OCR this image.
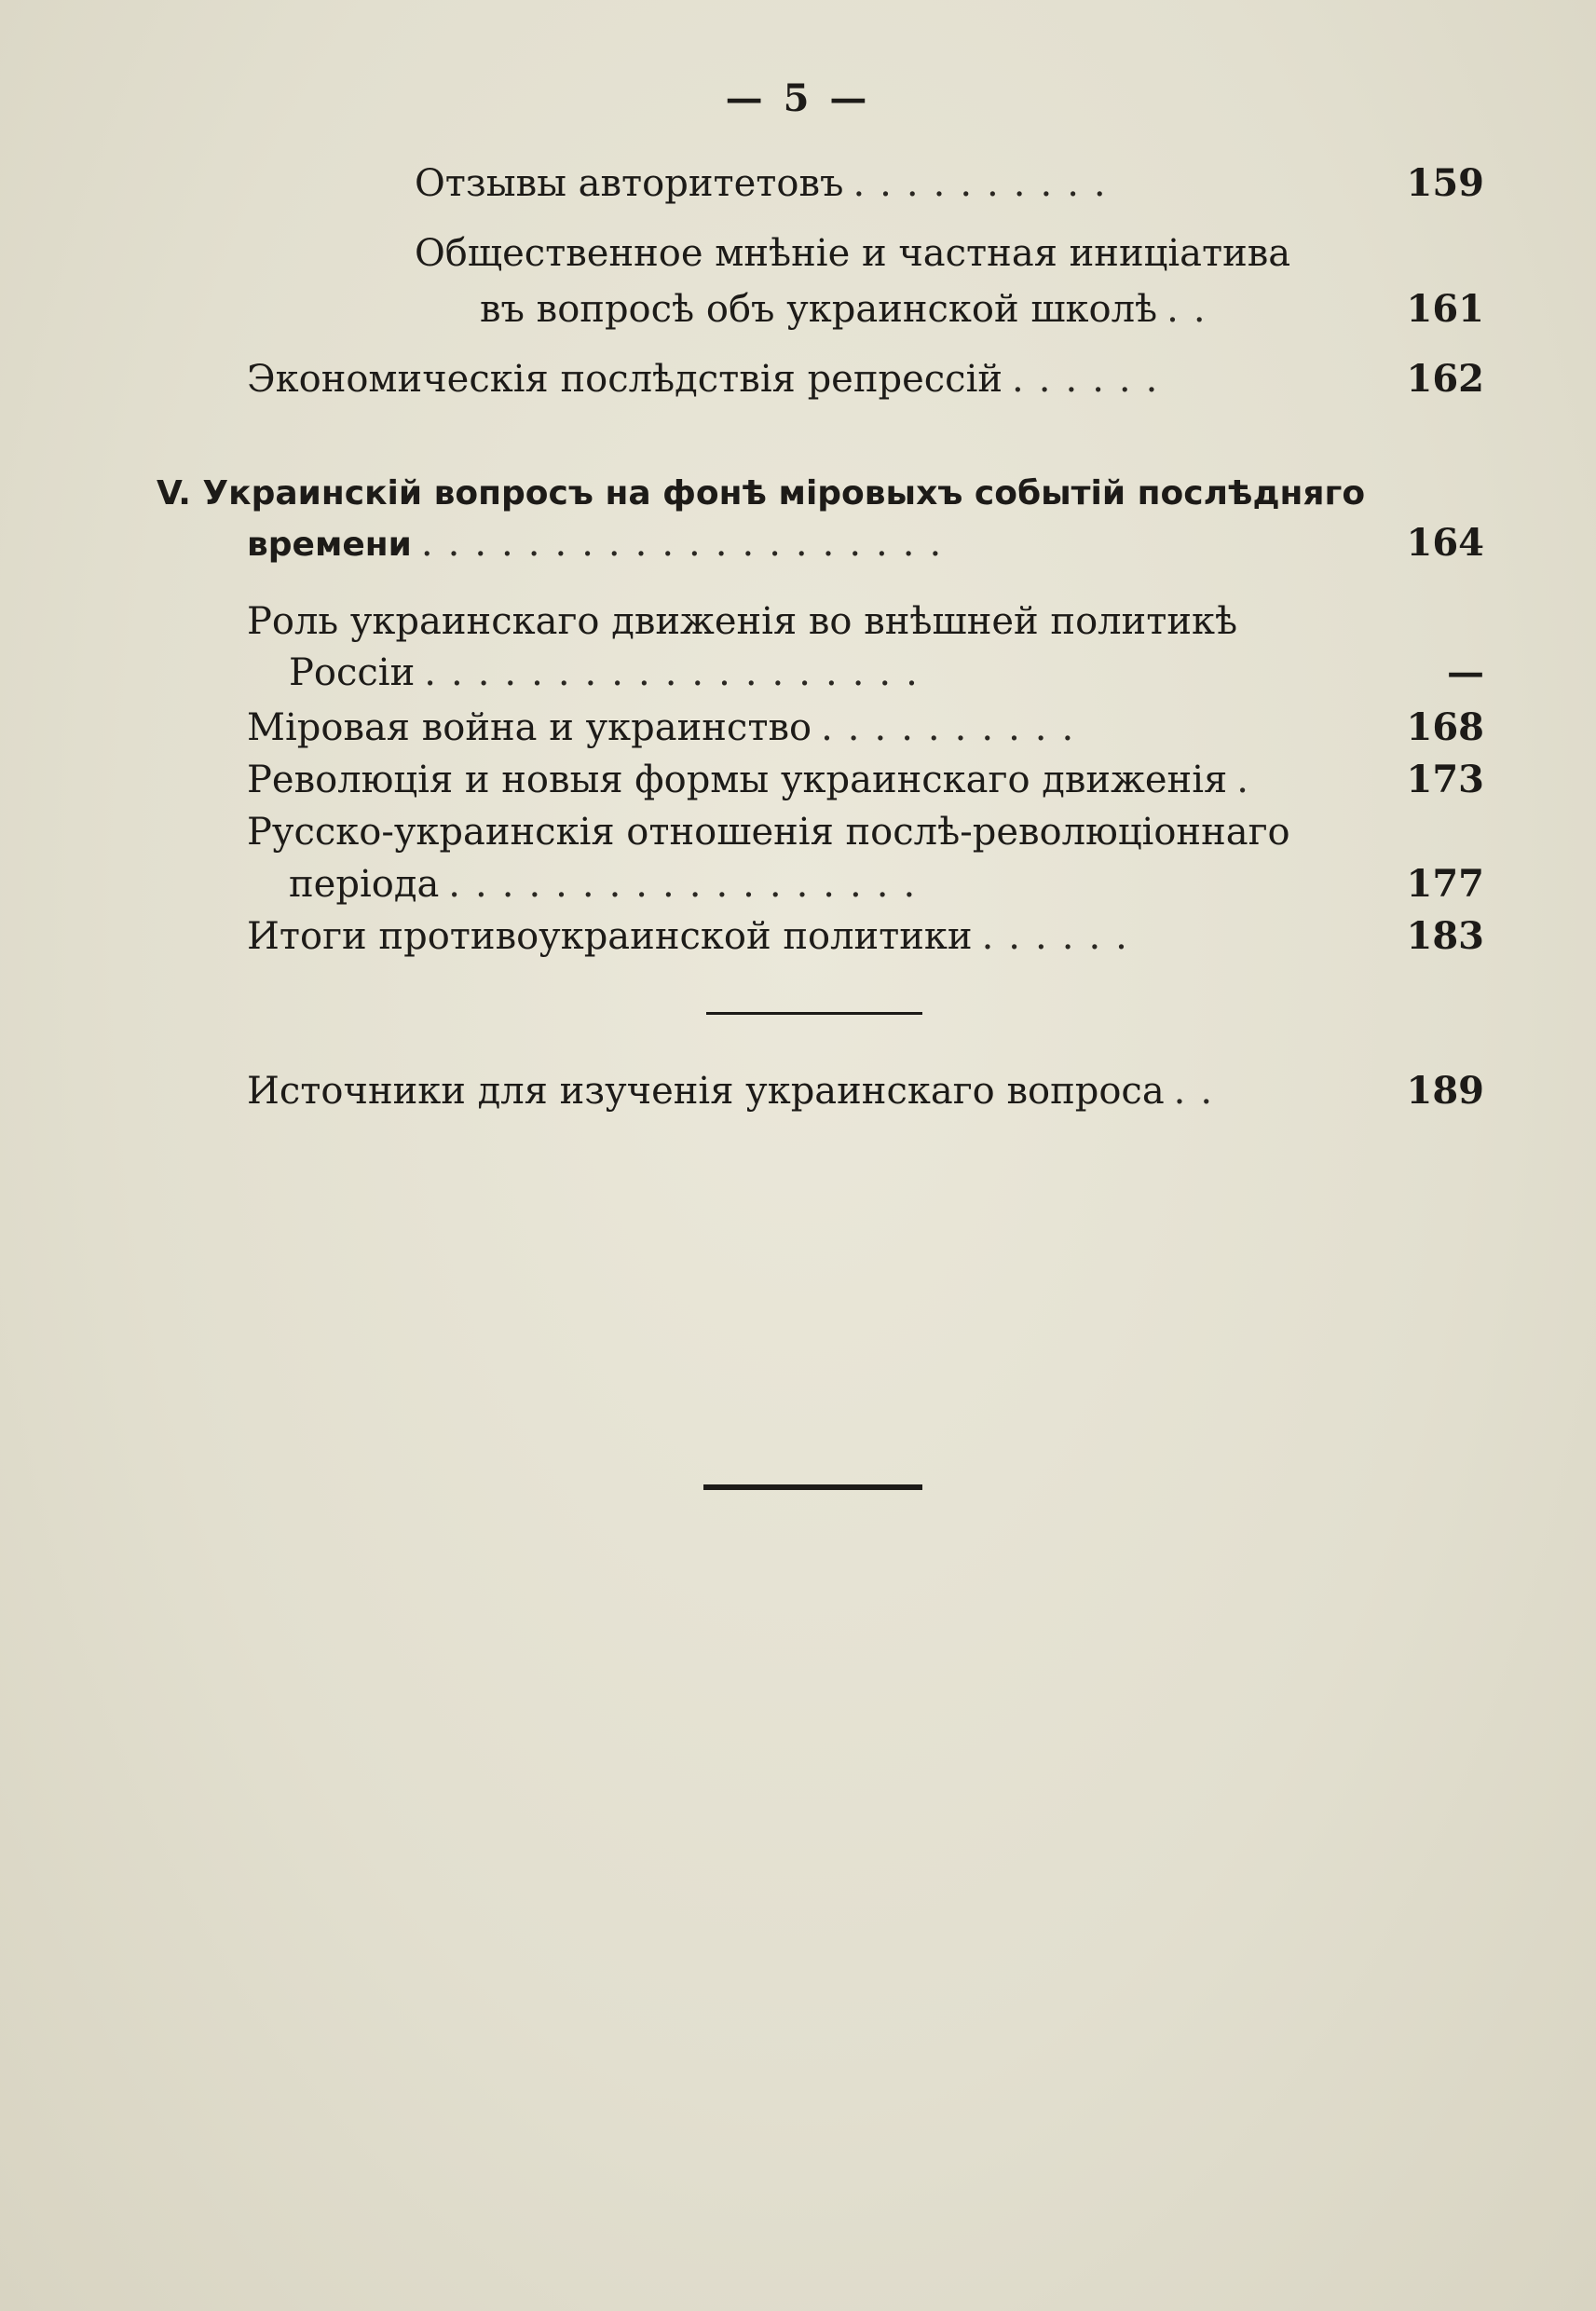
— 5 —
Отзывы авторитетовъ ..........	159
Общественное мнѣніе и частная иниціатива
въ вопросѣ объ украинской школѣ ..	161
Экономическія послѣдствія репрессій ......	162
V. Украинскій вопросъ на фонѣ міровыхъ событій послѣдняго
времени ....................	164
Роль украинскаго движенія во внѣшней политикѣ
Россіи ...................	—
Міровая война и украинство ..........	168
Революція и новыя формы украинскаго движенія .	173
Русско-украинскія отношенія послѣ-революціоннаго
періода ..................	177
Итоги противоукраинской политики ......	183
Источники для изученія украинскаго вопроса ..	189
